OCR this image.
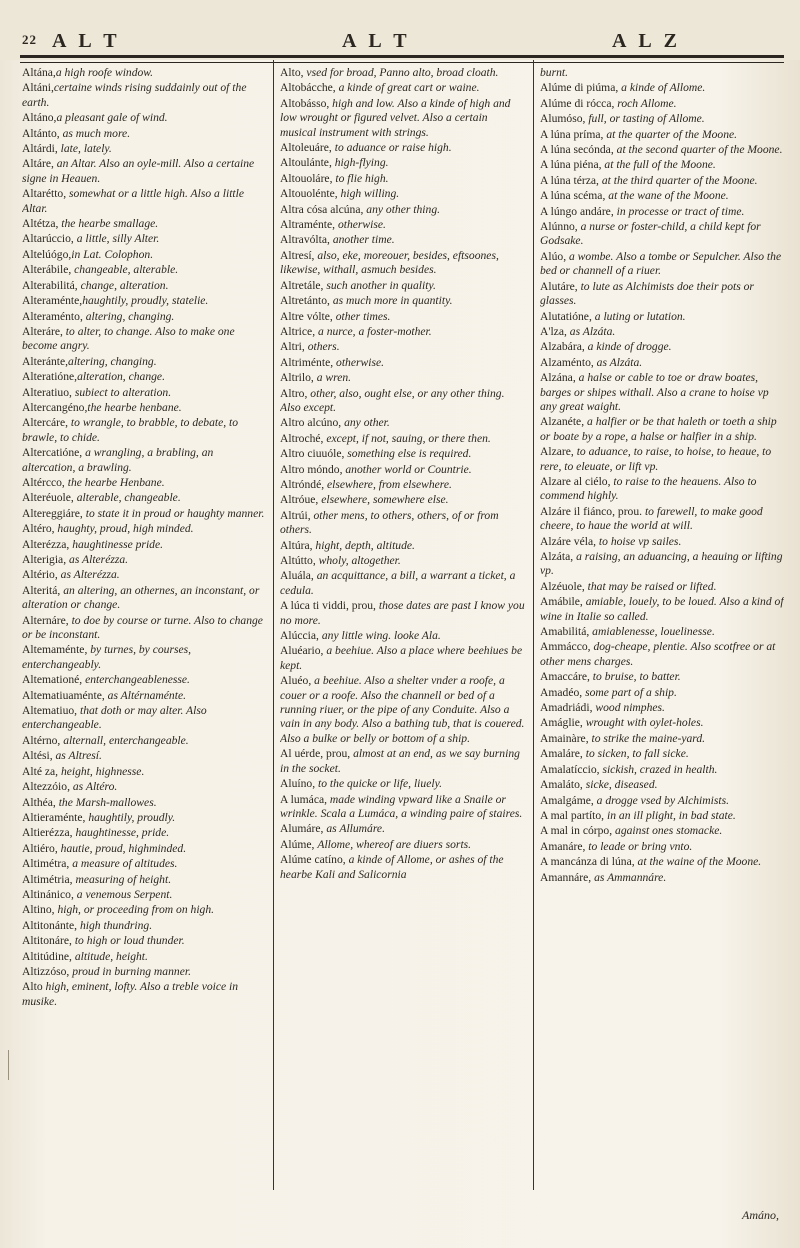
22 A L T	A L T	A L Z
Altána,a high roofe window.
Altáni,certaine winds rising suddainly out of the earth.
Altáno,a pleasant gale of wind.
Altánto, as much more.
Altárdi, late, lately.
Altáre, an Altar. Also an oyle-mill. Also a certaine signe in Heauen.
Altarétto, somewhat or a little high. Also a little Altar.
Altétza, the hearbe smallage.
Altarúccio, a little, silly Alter.
Altelúógo,in Lat. Colophon.
Alterábile, changeable, alterable.
Alterabilitá, change, alteration.
Alteraménte,haughtily, proudly, statelie.
Alteraménto, altering, changing.
Alteráre, to alter, to change. Also to make one become angry.
Alteránte,altering, changing.
Alteratióne,alteration, change.
Alteratiuo, subiect to alteration.
Altercangéno,the hearbe henbane.
Altercáre, to wrangle, to brabble, to debate, to brawle, to chide.
Altercatióne, a wrangling, a brabling, an altercation, a brawling.
Altércco, the hearbe Henbane.
Alteréuole, alterable, changeable.
Altereggiáre, to state it in proud or haughty manner.
Altéro, haughty, proud, high minded.
Alterézza, haughtinesse pride.
Alterigia, as Alterézza.
Altério, as Alterézza.
Alteritá, an altering, an othernes, an inconstant, or alteration or change.
Alternáre, to doe by course or turne. Also to change or be inconstant.
Altemaménte, by turnes, by courses, enterchangeably.
Altemationé, enterchangeablenesse.
Altematiuaménte, as Altérnaménte.
Altematiuo, that doth or may alter. Also enterchangeable.
Altérno, alternall, enterchangeable.
Altési, as Altresí.
Alté za, height, highnesse.
Altezzóio, as Altéro.
Althéa, the Marsh-mallowes.
Altieraménte, haughtily, proudly.
Altierézza, haughtinesse, pride.
Altiéro, hautie, proud, highminded.
Altimétra, a measure of altitudes.
Altimétria, measuring of height.
Altinánico, a venemous Serpent.
Altino, high, or proceeding from on high.
Altitonánte, high thundring.
Altitonáre, to high or loud thunder.
Altitúdine, altitude, height.
Altizzóso, proud in burning manner.
Alto high, eminent, lofty. Also a treble voice in musike.
Alto, vsed for broad, Panno alto, broad cloath.
Altobácche, a kinde of great cart or waine.
Altobásso, high and low. Also a kinde of high and low wrought or figured velvet. Also a certain musical instrument with strings.
Altoleuáre, to aduance or raise high.
Altoulánte, high-flying.
Altouoláre, to flie high.
Altouolénte, high willing.
Altra cósa alcúna, any other thing.
Altraménte, otherwise.
Altravólta, another time.
Altresí, also, eke, moreouer, besides, eftsoones, likewise, withall, asmuch besides.
Altretále, such another in quality.
Altretánto, as much more in quantity.
Altre vólte, other times.
Altrice, a nurce, a foster-mother.
Altri, others.
Altriménte, otherwise.
Altrilo, a wren.
Altro, other, also, ought else, or any other thing. Also except.
Altro alcúno, any other.
Altroché, except, if not, sauing, or there then.
Altro ciuuóle, something else is required.
Altro móndo, another world or Countrie.
Altróndé, elsewhere, from elsewhere.
Altróue, elsewhere, somewhere else.
Altrúi, other mens, to others, others, of or from others.
Altúra, hight, depth, altitude.
Altútto, wholy, altogether.
Aluála, an acquittance, a bill, a warrant a ticket, a cedula.
A lúca ti viddi, prou, those dates are past I know you no more.
Alúccia, any little wing. looke Ala.
Aluéario, a beehiue. Also a place where beehiues be kept.
Aluéo, a beehiue. Also a shelter vnder a roofe, a couer or a roofe. Also the channell or bed of a running riuer, or the pipe of any Conduite. Also a vain in any body. Also a bathing tub, that is couered. Also a bulke or belly or bottom of a ship.
Al uérde, prou, almost at an end, as we say burning in the socket.
Aluíno, to the quicke or life, liuely.
A lumáca, made winding vpward like a Snaile or wrinkle. Scala a Lumáca, a winding paire of staires.
Alumáre, as Allumáre.
Alúme, Allome, whereof are diuers sorts.
Alúme catíno, a kinde of Allome, or ashes of the hearbe Kali and Salicornia
burnt.
Alúme di piúma, a kinde of Allome.
Alúme di rócca, roch Allome.
Alumóso, full, or tasting of Allome.
A lúna príma, at the quarter of the Moone.
A lúna secónda, at the second quarter of the Moone.
A lúna piéna, at the full of the Moone.
A lúna térza, at the third quarter of the Moone.
A lúna scéma, at the wane of the Moone.
A lúngo andáre, in processe or tract of time.
Alúnno, a nurse or foster-child, a child kept for Godsake.
Alúo, a wombe. Also a tombe or Sepulcher. Also the bed or channell of a riuer.
Alutáre, to lute as Alchimists doe their pots or glasses.
Alutatióne, a luting or lutation.
A'lza, as Alzáta.
Alzabára, a kinde of drogge.
Alzaménto, as Alzáta.
Alzána, a halse or cable to toe or draw boates, barges or shipes withall. Also a crane to hoise vp any great waight.
Alzanéte, a halfier or be that haleth or toeth a ship or boate by a rope, a halse or halfier in a ship.
Alzare, to aduance, to raise, to hoise, to heaue, to rere, to eleuate, or lift vp.
Alzare al ciélo, to raise to the heauens. Also to commend highly.
Alzáre il fiánco, prou. to farewell, to make good cheere, to haue the world at will.
Alzáre véla, to hoise vp sailes.
Alzáta, a raising, an aduancing, a heauing or lifting vp.
Alzéuole, that may be raised or lifted.
Amábile, amiable, louely, to be loued. Also a kind of wine in Italie so called.
Amabilitá, amiablenesse, louelinesse.
Ammácco, dog-cheape, plentie. Also scotfree or at other mens charges.
Amaccáre, to bruise, to batter.
Amadéo, some part of a ship.
Amadriádi, wood nimphes.
Amáglie, wrought with oylet-holes.
Amainàre, to strike the maine-yard.
Amaláre, to sicken, to fall sicke.
Amalatíccio, sickish, crazed in health.
Amaláto, sicke, diseased.
Amalgáme, a drogge vsed by Alchimists.
A mal partíto, in an ill plight, in bad state.
A mal in córpo, against ones stomacke.
Amanáre, to leade or bring vnto.
A mancánza di lúna, at the waine of the Moone.
Amannáre, as Ammannáre.
Amáno,
